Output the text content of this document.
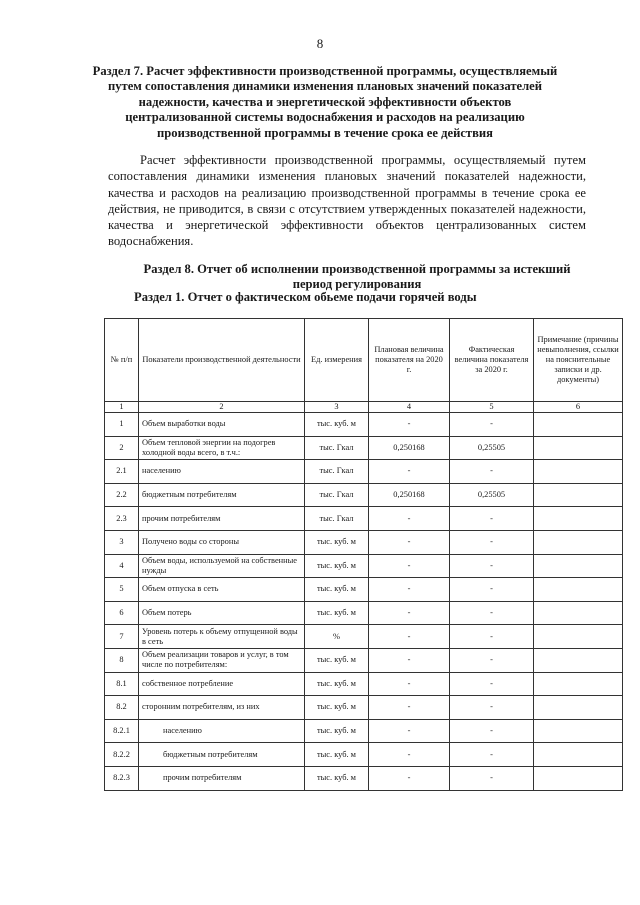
8
Раздел 7. Расчет эффективности производственной программы, осуществляемый путем сопоставления динамики изменения плановых значений показателей надежности, качества и энергетической эффективности объектов централизованной системы водоснабжения и расходов на реализацию производственной программы в течение срока ее действия
Расчет эффективности производственной программы, осуществляемый путем сопоставления динамики изменения плановых значений показателей надежности, качества и расходов на реализацию производственной программы в течение срока ее действия, не приводится, в связи с отсутствием утвержденных показателей надежности, качества и энергетической эффективности объектов централизованных систем водоснабжения.
Раздел 8. Отчет об исполнении производственной программы за истекший период регулирования
Раздел 1. Отчет о фактическом обьеме подачи горячей воды
№ п/п	Показатели производственной деятельности	Ед. измерения	Плановая величина показателя на 2020 г.	Фактическая величина показателя за 2020 г.	Примечание (причины невыполнения, ссылки на пояснительные записки и др. документы)
1	2	3	4	5	6
1	Объем выработки воды	тыс. куб. м	-	-	
2	Объем тепловой энергии на подогрев холодной воды всего, в т.ч.:	тыс. Гкал	0,250168	0,25505	
2.1	населению	тыс. Гкал	-	-	
2.2	бюджетным потребителям	тыс. Гкал	0,250168	0,25505	
2.3	прочим потребителям	тыс. Гкал	-	-	
3	Получено воды со стороны	тыс. куб. м	-	-	
4	Объем воды, используемой на собственные нужды	тыс. куб. м	-	-	
5	Объем отпуска в сеть	тыс. куб. м	-	-	
6	Объем потерь	тыс. куб. м	-	-	
7	Уровень потерь к объему отпущенной воды в сеть	%	-	-	
8	Объем реализации товаров и услуг, в том числе по потребителям:	тыс. куб. м	-	-	
8.1	собственное потребление	тыс. куб. м	-	-	
8.2	сторонним потребителям, из них	тыс. куб. м	-	-	
8.2.1	населению	тыс. куб. м	-	-	
8.2.2	бюджетным потребителям	тыс. куб. м	-	-	
8.2.3	прочим потребителям	тыс. куб. м	-	-	
